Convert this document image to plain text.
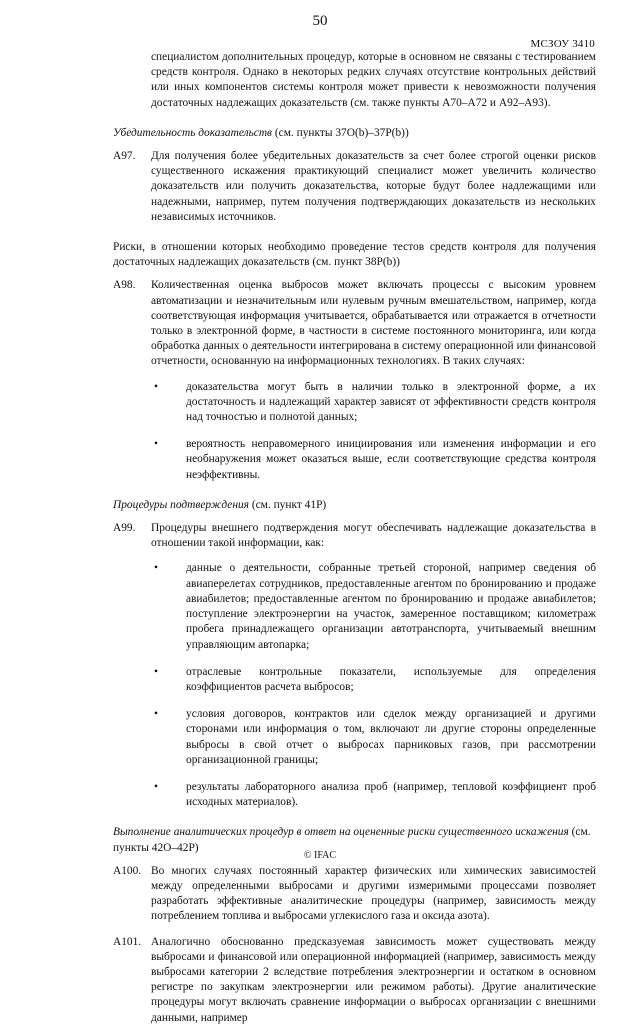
50
МСЗОУ 3410

специалистом дополнительных процедур, которые в основном не связаны с тестированием средств контроля. Однако в некоторых редких случаях отсутствие контрольных действий или иных компонентов системы контроля может привести к невозможности получения достаточных надлежащих доказательств (см. также пункты A70–A72 и A92–A93).

Убедительность доказательств (см. пункты 37О(b)–37Р(b))
A97.	Для получения более убедительных доказательств за счет более строгой оценки рисков существенного искажения практикующий специалист может увеличить количество доказательств или получить доказательства, которые будут более надлежащими или надежными, например, путем получения подтверждающих доказательств из нескольких независимых источников.

Риски, в отношении которых необходимо проведение тестов средств контроля для получения достаточных надлежащих доказательств (см. пункт 38Р(b))

A98.	Количественная оценка выбросов может включать процессы с высоким уровнем автоматизации и незначительным или нулевым ручным вмешательством, например, когда соответствующая информация учитывается, обрабатывается или отражается в отчетности только в электронной форме, в частности в системе постоянного мониторинга, или когда обработка данных о деятельности интегрирована в систему операционной или финансовой отчетности, основанную на информационных технологиях. В таких случаях:
•	доказательства могут быть в наличии только в электронной форме, а их достаточность и надлежащий характер зависят от эффективности средств контроля над точностью и полнотой данных;
•	вероятность неправомерного инициирования или изменения информации и его необнаружения может оказаться выше, если соответствующие средства контроля неэффективны.
Процедуры подтверждения (см. пункт 41Р)
A99.	Процедуры внешнего подтверждения могут обеспечивать надлежащие доказательства в отношении такой информации, как:
•	данные о деятельности, собранные третьей стороной, например сведения об авиаперелетах сотрудников, предоставленные агентом по бронированию и продаже авиабилетов; предоставленные агентом по бронированию и продаже авиабилетов; поступление электроэнергии на участок, замеренное поставщиком; километраж пробега принадлежащего организации автотранспорта, учитываемый внешним управляющим автопарка;
•	отраслевые контрольные показатели, используемые для определения коэффициентов расчета выбросов;
•	условия договоров, контрактов или сделок между организацией и другими сторонами или информация о том, включают ли другие стороны определенные выбросы в свой отчет о выбросах парниковых газов, при рассмотрении организационной границы;
•	результаты лабораторного анализа проб (например, тепловой коэффициент проб исходных материалов).
Выполнение аналитических процедур в ответ на оцененные риски существенного искажения (см. пункты 42О–42Р)
A100. Во многих случаях постоянный характер физических или химических зависимостей между определенными выбросами и другими измеримыми процессами позволяет разработать эффективные аналитические процедуры (например, зависимость между потреблением топлива и выбросами углекислого газа и оксида азота).
A101. Аналогично обоснованно предсказуемая зависимость может существовать между выбросами и финансовой или операционной информацией (например, зависимость между выбросами категории 2 вследствие потребления электроэнергии и остатком в основном регистре по закупкам электроэнергии или режимом работы). Другие аналитические процедуры могут включать сравнение информации о выбросах организации с внешними данными, например
© IFAC
